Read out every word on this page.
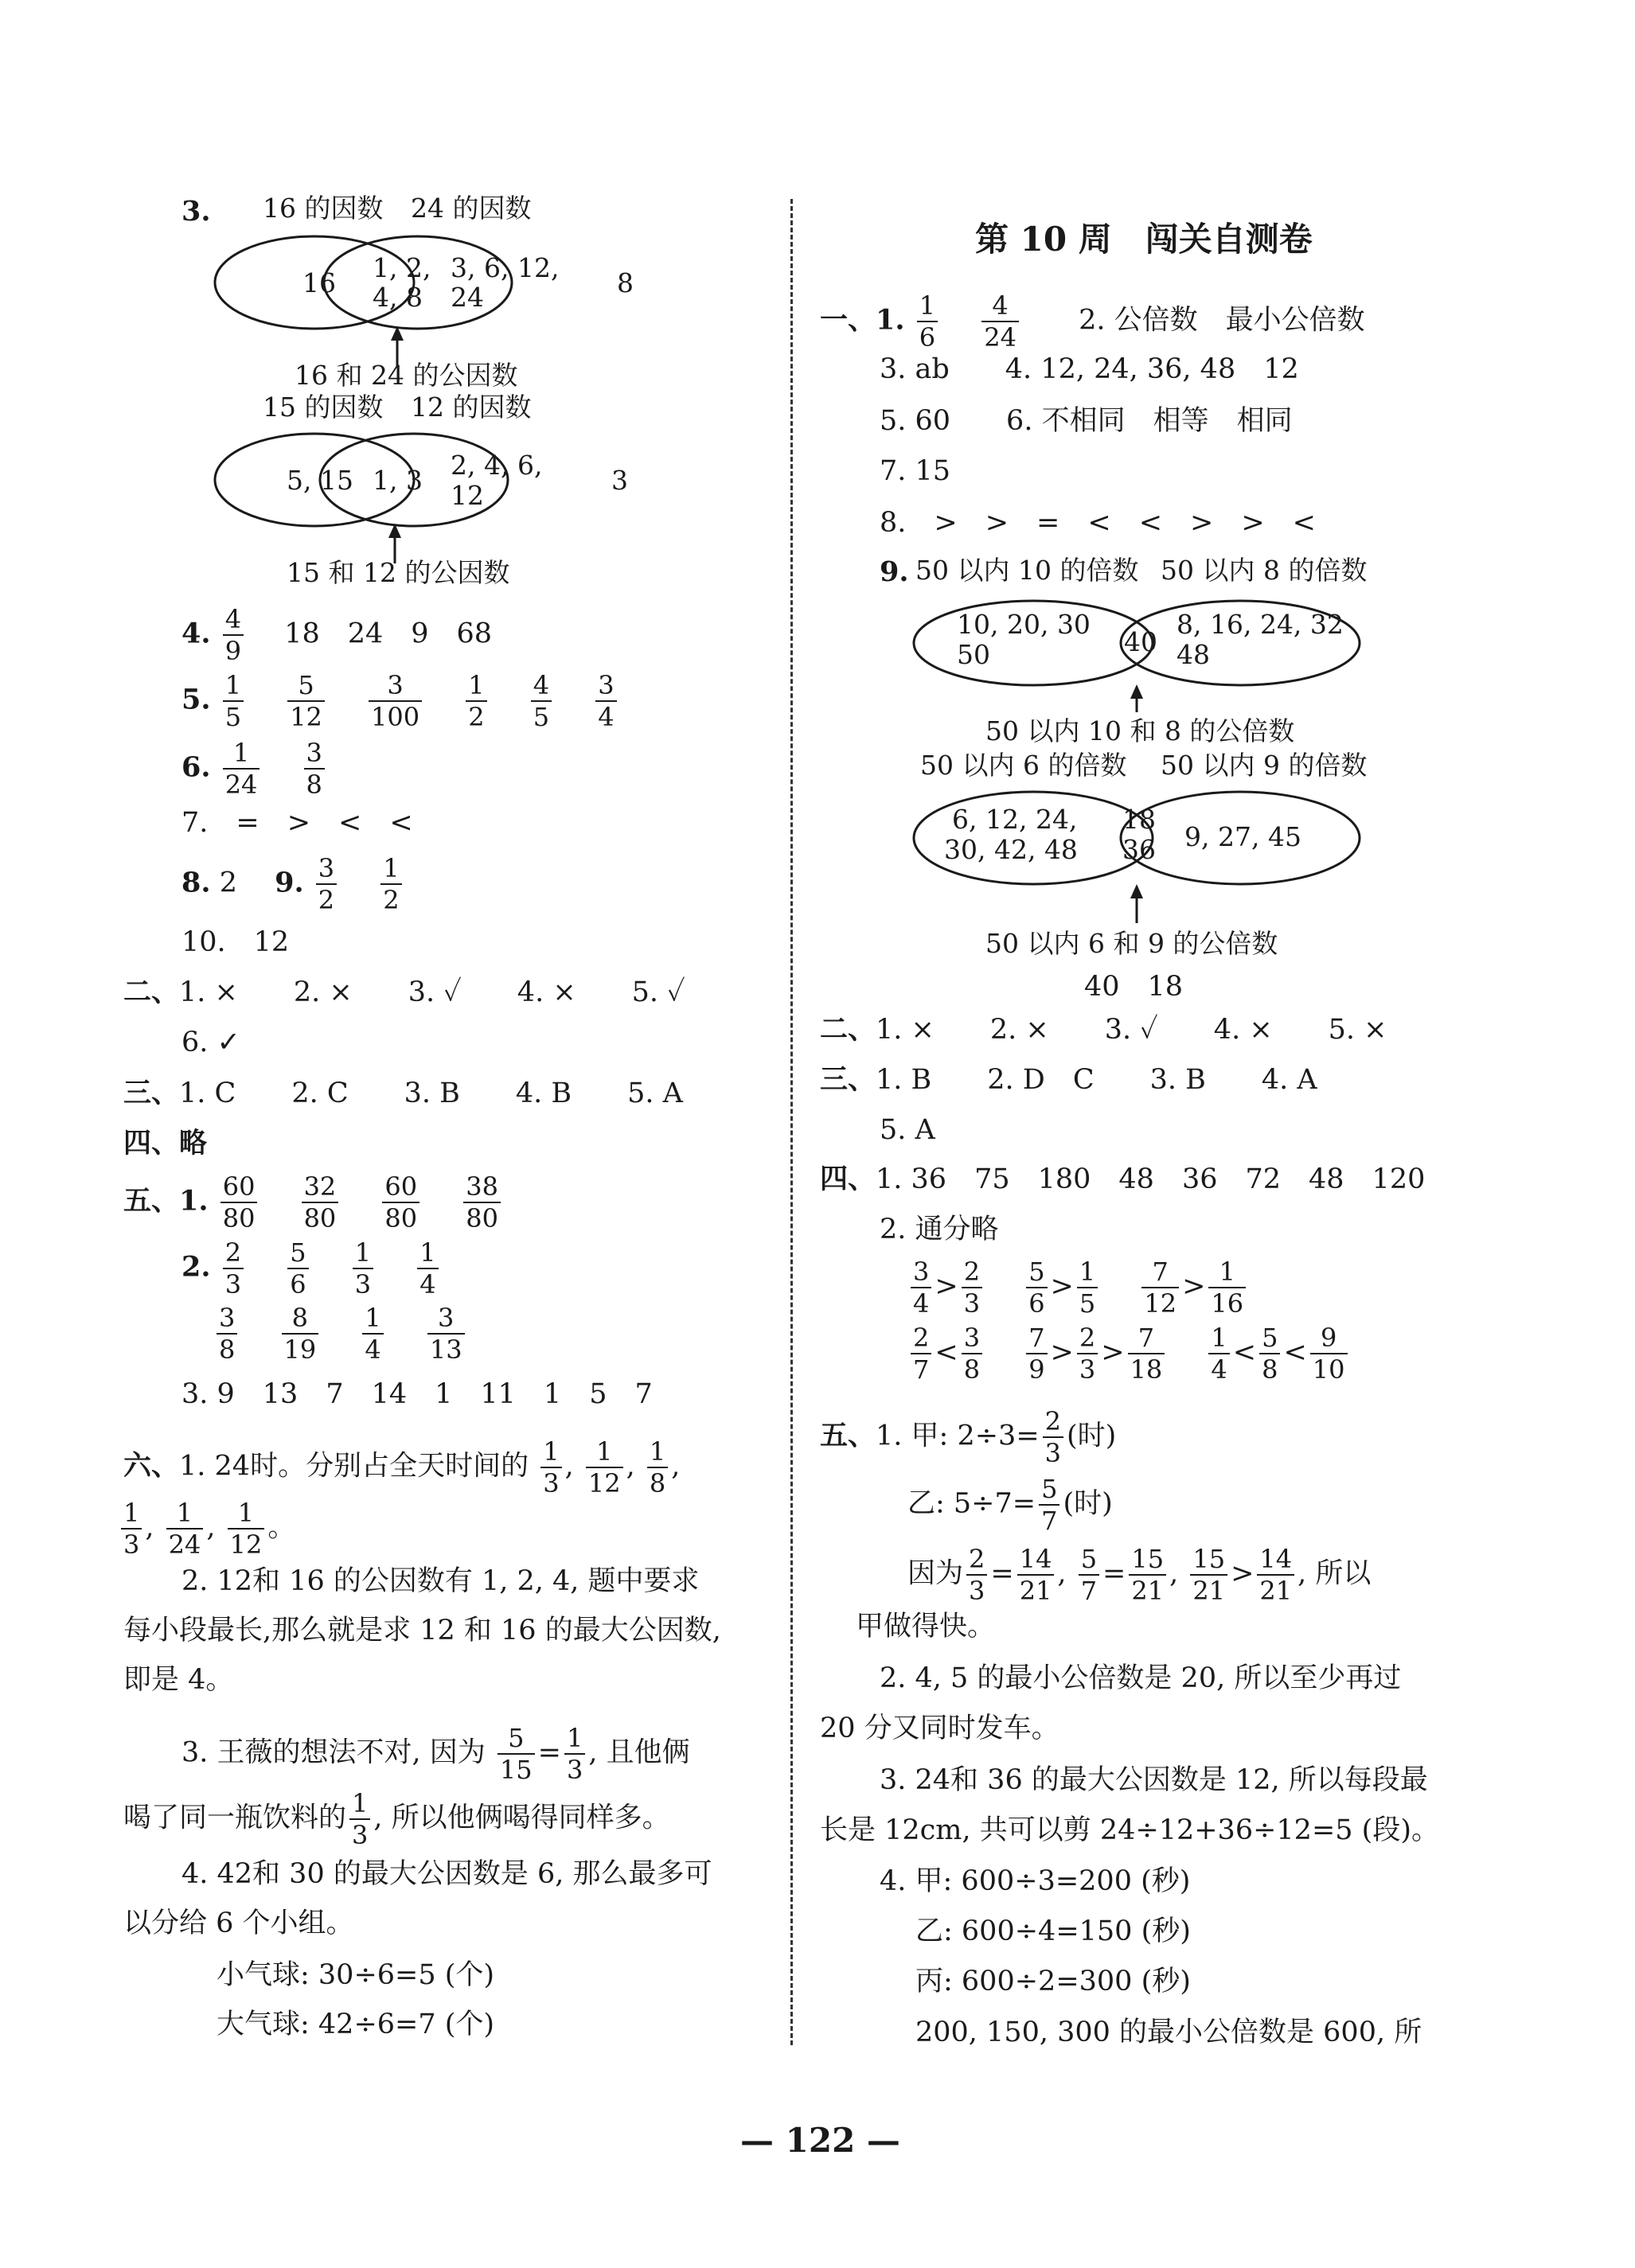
3. 16 的因数 24 的因数
16 1, 2,
4, 8
3, 6, 12,
24	8
16 和 24 的公因数
15 的因数 12 的因数
5, 15 1, 3 2, 4, 6,
12	3
15 和 12 的公因数
4. $\frac{4}{9} 18$　24　9　68
5. $\frac{1}{5}$
$\frac{5}{12}$
$\frac{3}{100}$
$\frac{1}{2}$
$\frac{4}{5}$
$\frac{3}{4}$
6. $\frac{1}{24}$
$\frac{3}{8}$
7.　=　>　<　<
8. 2 9. $\frac{3}{2}$
$\frac{1}{2}$
10.　12
二、1. ×　　2. ×　　3. ✓　　4. ×　　5. ✓
6. ✓
三、1. C　　2. C　　3. B　　4. B　　5. A
四、略
五、1. $\frac{60}{80}$
$\frac{32}{80}$
$\frac{60}{80}$
$\frac{38}{80}$
2. $\frac{2}{3}$
$\frac{5}{6}$
$\frac{1}{3}$
$\frac{1}{4}$
$\frac{3}{8}$
$\frac{8}{19}$
$\frac{1}{4}$
$\frac{3}{13}$
3. 9　13　7　14　1　11　1　5　7
六、1. 24时。分别占全天时间的 $\frac{1}{3}$ , $\frac{1}{12}$ , $\frac{1}{8}$ ,
$\frac{1}{3}$ , $\frac{1}{24}$ , $\frac{1}{12}$ 。
2. 12和 16 的公因数有 1, 2, 4, 题中要求
每小段最长,那么就是求 12 和 16 的最大公因数,
即是 4。
3. 王薇的想法不对, 因为 $\frac{5}{15} = \frac{1}{3}$ , 且他俩
喝了同一瓶饮料的 $\frac{1}{3}$ , 所以他俩喝得同样多。
4. 42和 30 的最大公因数是 6, 那么最多可
以分给 6 个小组。
小气球: 30÷6=5 (个)
大气球: 42÷6=7 (个)
第 10 周　闯关自测卷
一、1. $\frac{1}{6}$
$\frac{4}{24} 2$. 公倍数　最小公倍数
3. ab　　4. 12, 24, 36, 48　12
5. 60　　6. 不相同　相等　相同
7. 15
8.　>　>　=　<　<　>　>　<
9. 50 以内 10 的倍数 50 以内 8 的倍数
10, 20, 30
50	40
8, 16, 24, 32
48
50 以内 10 和 8 的公倍数
50 以内 6 的倍数 50 以内 9 的倍数
6, 12, 24,
30, 42, 48
18
36 9, 27, 45
50 以内 6 和 9 的公倍数
40　18
二、1. ×　　2. ×　　3. ✓　　4. ×　　5. ×
三、1. B　　2. D　C　　3. B　　4. A
5. A
四、1. 36　75　180　48　36　72　48　120
2. 通分略
$\frac{3}{4} > \frac{2}{3}$
$\frac{5}{6} > \frac{1}{5}$
$\frac{7}{12} > \frac{1}{16}$
$\frac{2}{7} < \frac{3}{8}$
$\frac{7}{9} > \frac{2}{3} > \frac{7}{18}$
$\frac{1}{4} < \frac{5}{8} < \frac{9}{10}$
五、1. 甲: $2\div 3= \frac{2}{3}$ (时)
乙: $5\div 7= \frac{5}{7}$ (时)
因为 $\frac{2}{3} = \frac{14}{21}$ , $\frac{5}{7} = \frac{15}{21}$ , $\frac{15}{21} > \frac{14}{21}$ , 所以
甲做得快。
2. 4, 5 的最小公倍数是 20, 所以至少再过
20 分又同时发车。
3. 24和 36 的最大公因数是 12, 所以每段最
长是 12cm, 共可以剪 24÷12+36÷12=5 (段)。
4. 甲: 600÷3=200 (秒)
乙: 600÷4=150 (秒)
丙: 600÷2=300 (秒)
200, 150, 300 的最小公倍数是 600, 所
— 122 —
